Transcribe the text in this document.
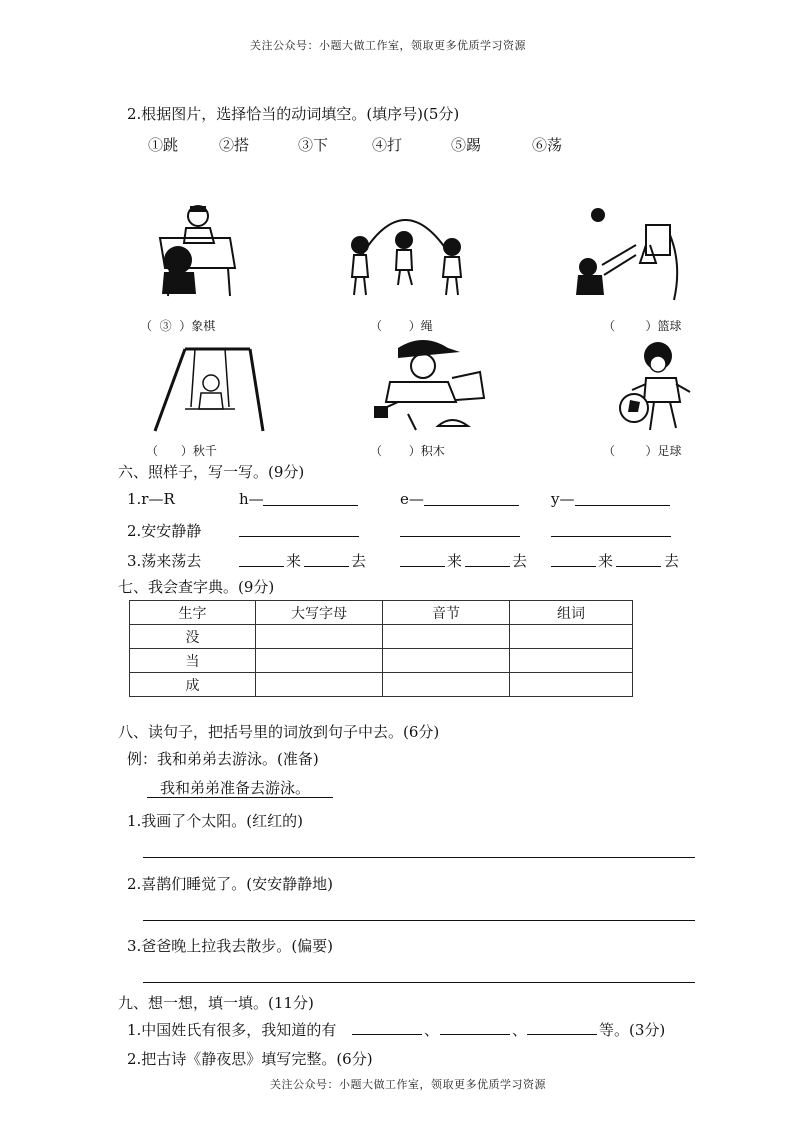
关注公众号：小题大做工作室，领取更多优质学习资源
关注公众号：小题大做工作室，领取更多优质学习资源
2.根据图片，选择恰当的动词填空。(填序号)(5分)
①跳	②搭	③下	④打	⑤踢	⑥荡
（  ③  ）象棋	（       ）绳	（        ）篮球
（      ）秋千	（       ）积木	（        ）足球
六、照样子，写一写。(9分)
1.r—R	h—	e—	y—
2.安安静静
3.荡来荡去	来	去	来	去	来	去
七、我会查字典。(9分)
生字	大写字母	音节	组词
没			
当			
成			
八、读句子，把括号里的词放到句子中去。(6分)
例：我和弟弟去游泳。(准备)
我和弟弟准备去游泳。
1.我画了个太阳。(红红的)
2.喜鹊们睡觉了。(安安静静地)
3.爸爸晚上拉我去散步。(偏要)
九、想一想，填一填。(11分)
1.中国姓氏有很多，我知道的有	、	、	等。(3分)
2.把古诗《静夜思》填写完整。(6分)
